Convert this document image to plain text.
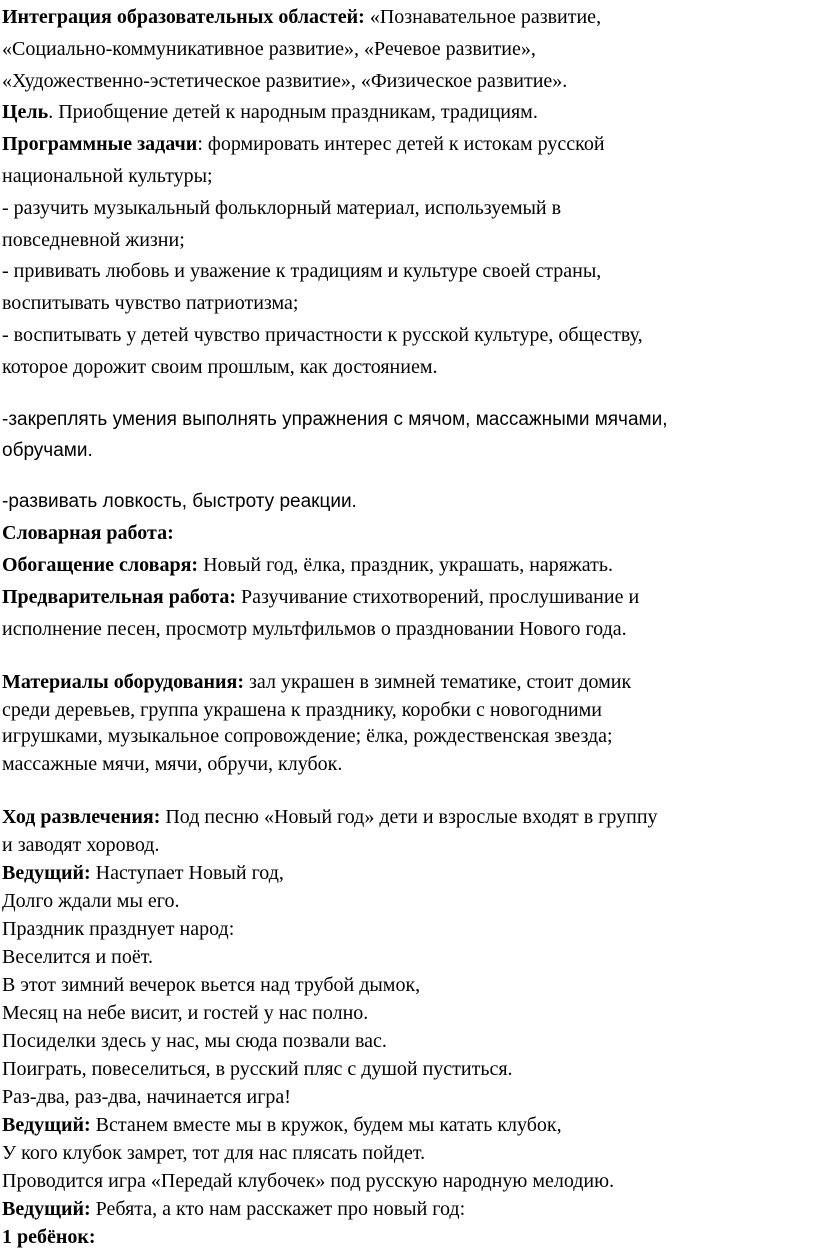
Интеграция образовательных областей: «Познавательное развитие,
«Социально-коммуникативное развитие», «Речевое развитие»,
«Художественно-эстетическое развитие», «Физическое развитие».
Цель. Приобщение детей к народным праздникам, традициям.
Программные задачи: формировать интерес детей к истокам русской
национальной культуры;
- разучить музыкальный фольклорный материал, используемый в
повседневной жизни;
- прививать любовь и уважение к традициям и культуре своей страны,
воспитывать чувство патриотизма;
- воспитывать у детей чувство причастности к русской культуре, обществу,
которое дорожит своим прошлым, как достоянием.
-закреплять умения выполнять упражнения с мячом, массажными мячами,
обручами.
-развивать ловкость, быстроту реакции.
Словарная работа:
Обогащение словаря: Новый год, ёлка, праздник, украшать, наряжать.
Предварительная работа: Разучивание стихотворений, прослушивание и
исполнение песен, просмотр мультфильмов о праздновании Нового года.
Материалы оборудования: зал украшен в зимней тематике, стоит домик
среди деревьев, группа украшена к празднику, коробки с новогодними
игрушками, музыкальное сопровождение; ёлка, рождественская звезда;
массажные мячи, мячи, обручи, клубок.
Ход развлечения: Под песню «Новый год» дети и взрослые входят в группу
и заводят хоровод.
Ведущий: Наступает Новый год,
Долго ждали мы его.
Праздник празднует народ:
Веселится и поёт.
В этот зимний вечерок вьется над трубой дымок,
Месяц на небе висит, и гостей у нас полно.
Посиделки здесь у нас, мы сюда позвали вас.
Поиграть, повеселиться, в русский пляс с душой пуститься.
Раз-два, раз-два, начинается игра!
Ведущий: Встанем вместе мы в кружок, будем мы катать клубок,
У кого клубок замрет, тот для нас плясать пойдет.
Проводится игра «Передай клубочек» под русскую народную мелодию.
Ведущий: Ребята, а кто нам расскажет про новый год:
1 ребёнок:
